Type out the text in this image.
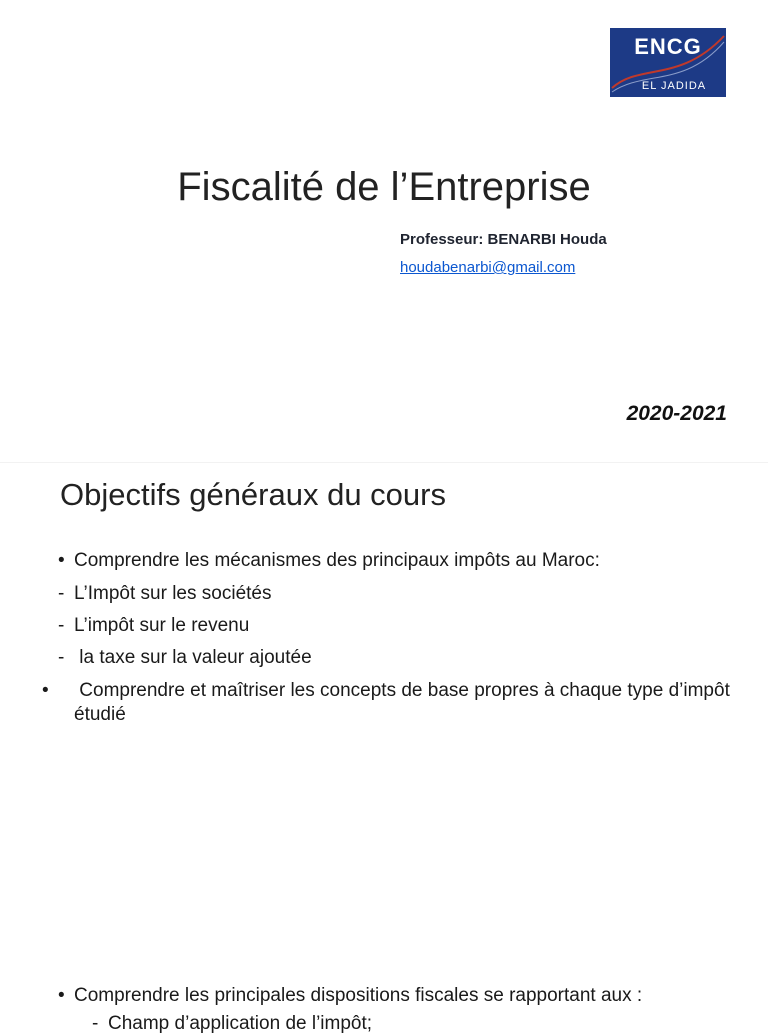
ENCG
EL JADIDA
Fiscalité de l’Entreprise
Professeur: BENARBI Houda
houdabenarbi@gmail.com
2020-2021
Objectifs généraux du cours
• Comprendre les mécanismes des principaux impôts au Maroc:
- L’Impôt sur les sociétés
- L’impôt sur le revenu
- la taxe sur la valeur ajoutée
• Comprendre et maîtriser les concepts de base propres à chaque type d’impôt étudié
• Comprendre les principales dispositions fiscales se rapportant aux :
- Champ d’application de l’impôt;
